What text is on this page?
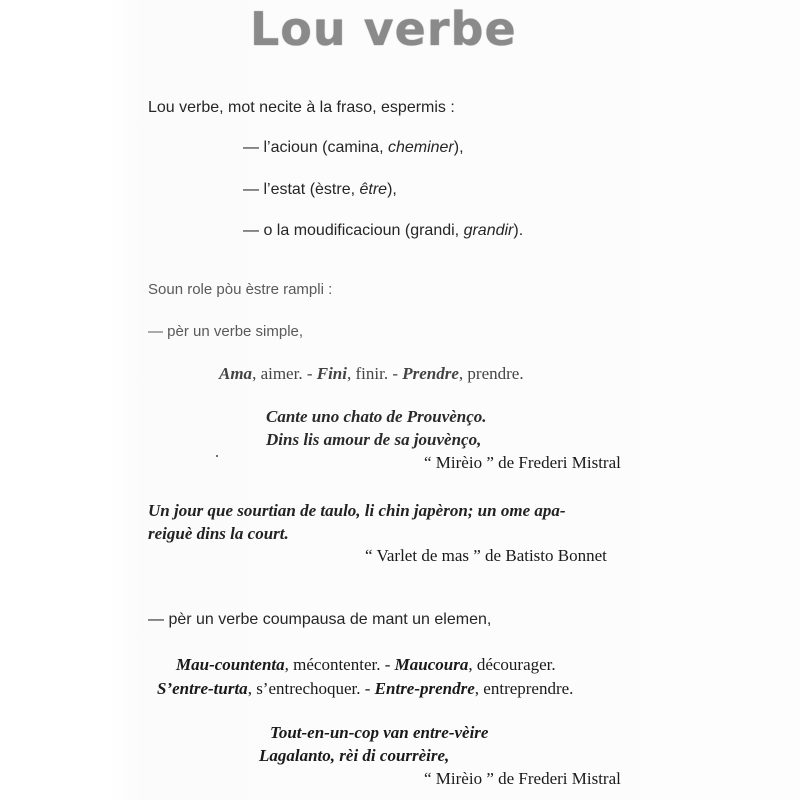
Lou verbe
Lou verbe, mot necite à la fraso, espermis :
— l’acioun (camina, cheminer),
— l’estat (èstre, être),
— o la moudificacioun (grandi, grandir).
Soun role pòu èstre rampli :
— pèr un verbe simple,
Ama, aimer. - Fini, finir. - Prendre, prendre.
Cante uno chato de Prouvènço.
Dins lis amour de sa jouvènço,
“ Mirèio ” de Frederi Mistral
Un jour que sourtian de taulo, li chin japèron; un ome apa-
reiguè dins la court.
“ Varlet de mas ” de Batisto Bonnet
— pèr un verbe coumpausa de mant un elemen,
Mau-countenta, mécontenter. - Maucoura, décourager.
S’entre-turta, s’entrechoquer. - Entre-prendre, entreprendre.
Tout-en-un-cop van entre-vèire
Lagalanto, rèi di courrèire,
“ Mirèio ” de Frederi Mistral
